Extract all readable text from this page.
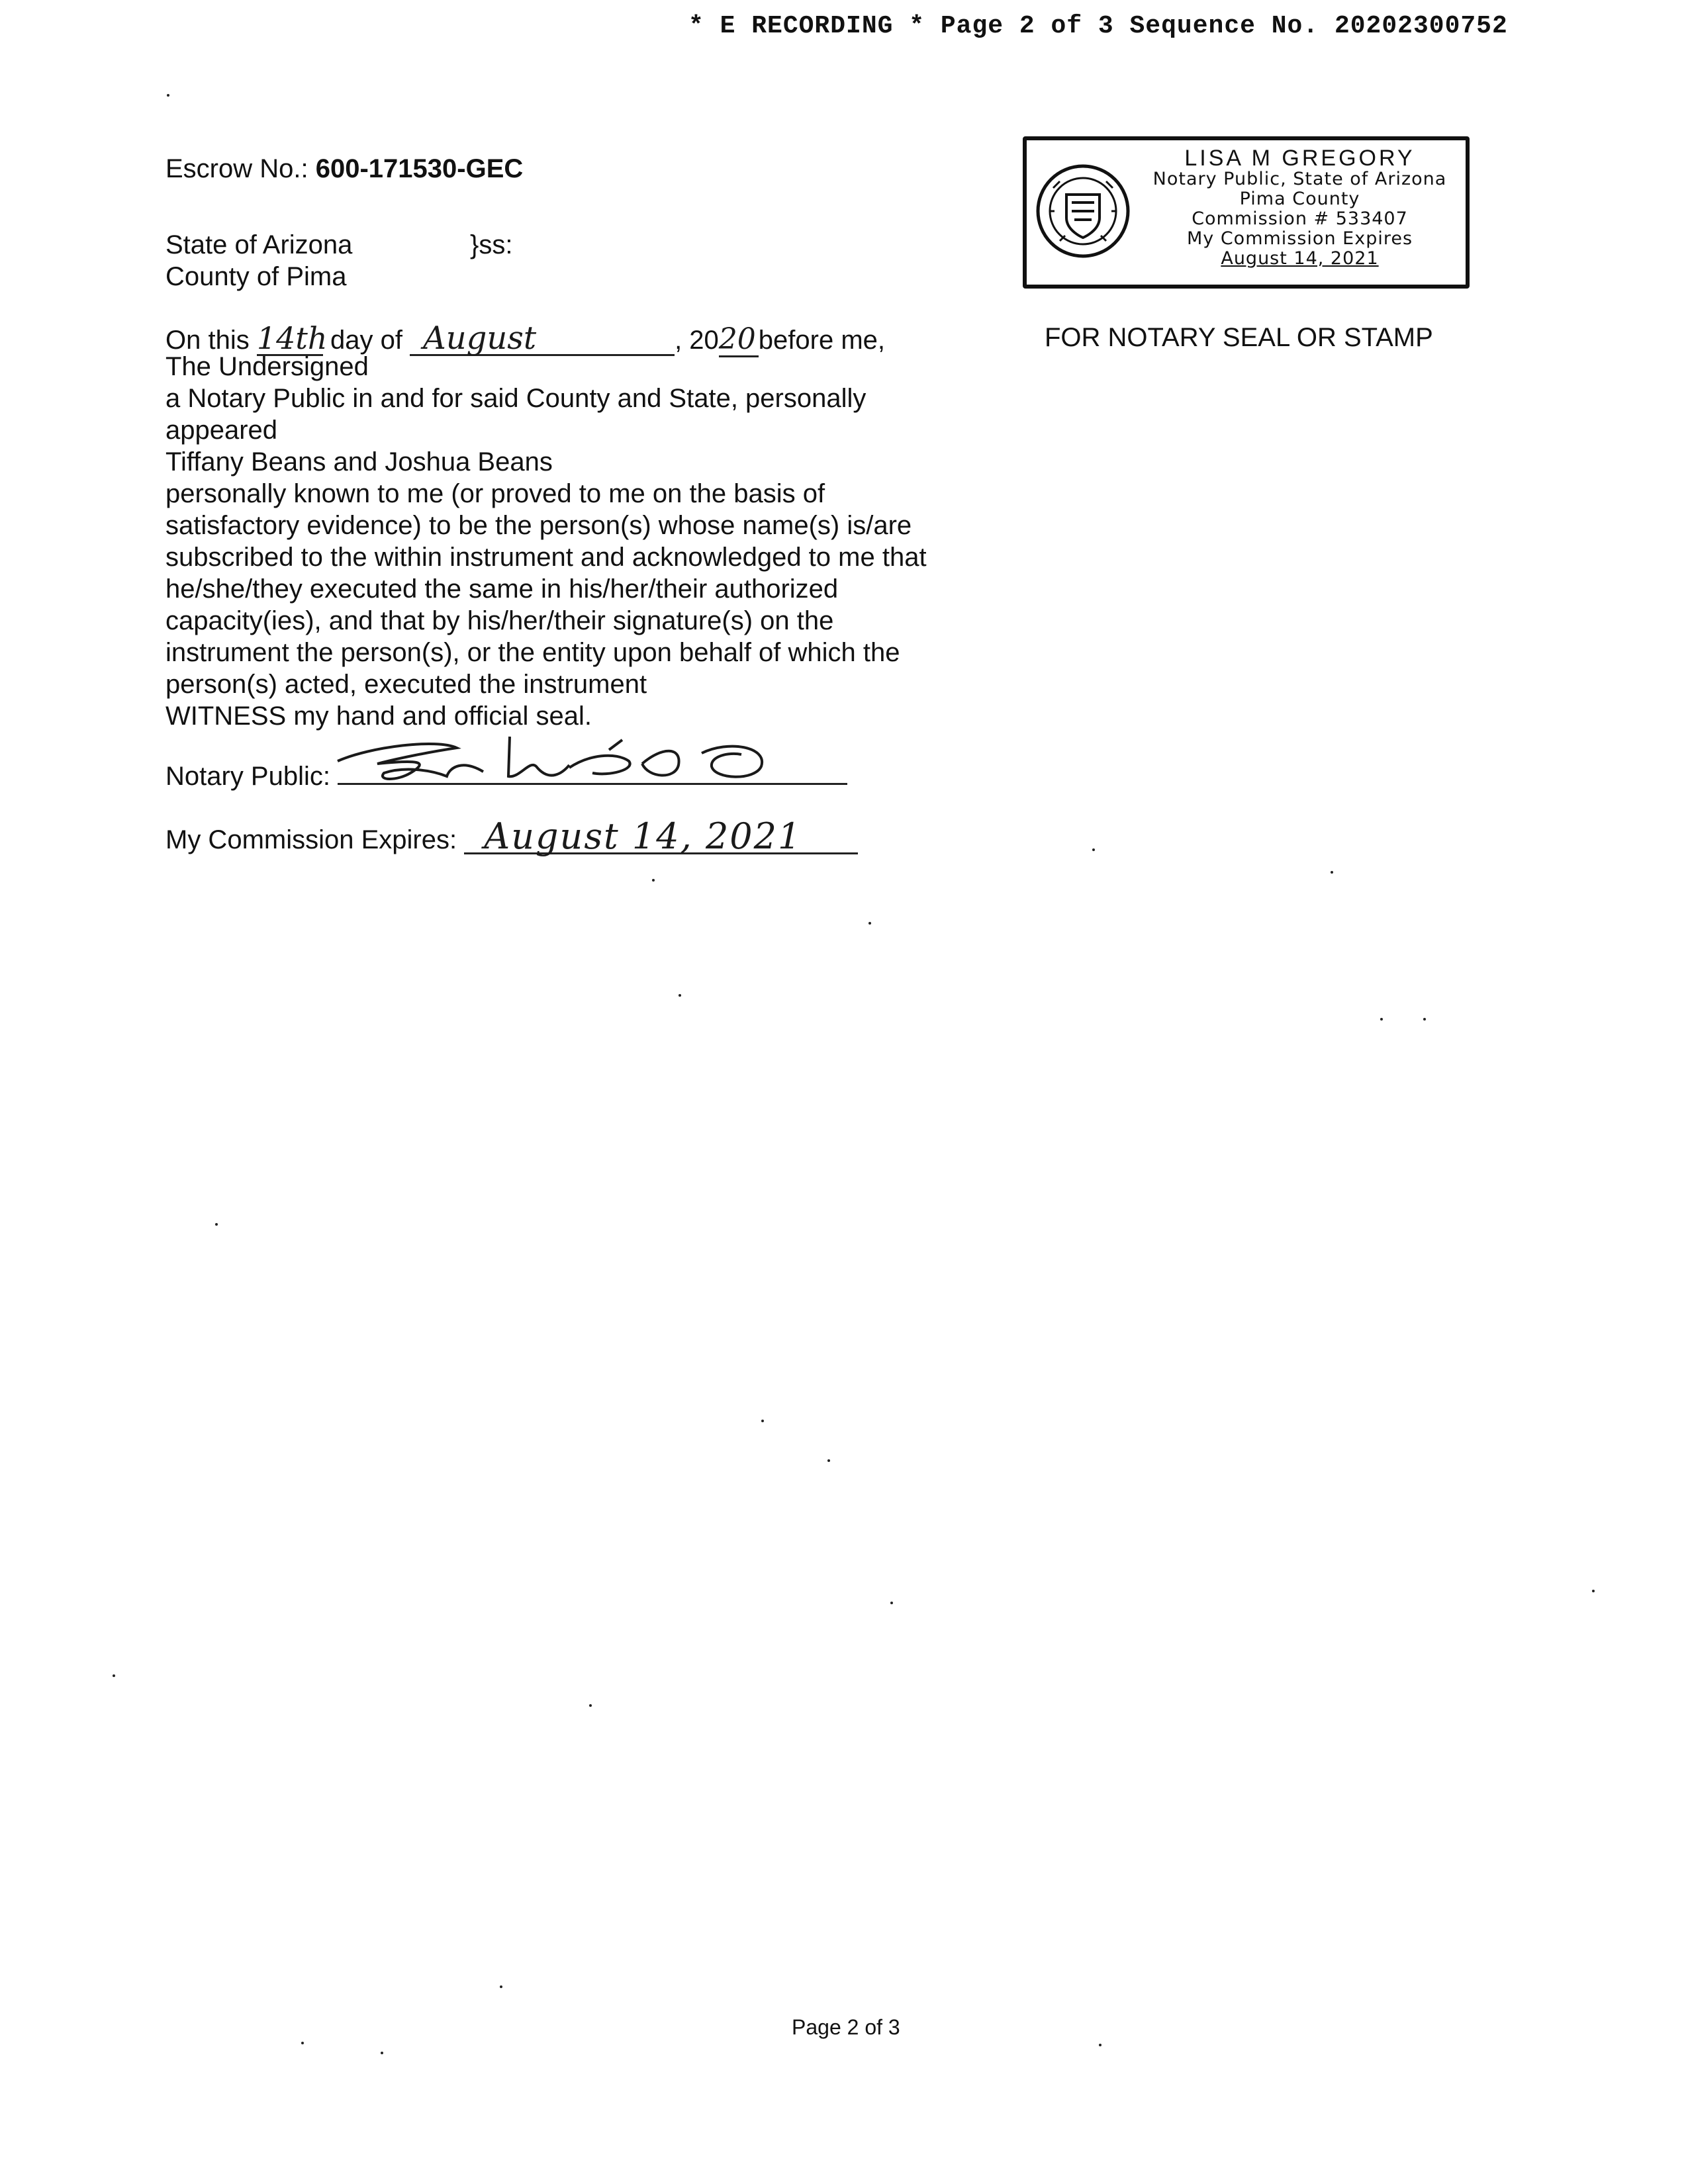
* E RECORDING * Page 2 of 3 Sequence No. 20202300752
Escrow No.: 600-171530-GEC
State of Arizona	}ss:
County of Pima
On this 14th day of August	, 2020 before me,
The Undersigned
a Notary Public in and for said County and State, personally
appeared
Tiffany Beans and Joshua Beans
personally known to me (or proved to me on the basis of
satisfactory evidence) to be the person(s) whose name(s) is/are
subscribed to the within instrument and acknowledged to me that
he/she/they executed the same in his/her/their authorized
capacity(ies), and that by his/her/their signature(s) on the
instrument the person(s), or the entity upon behalf of which the
person(s) acted, executed the instrument
WITNESS my hand and official seal.
Notary Public:
My Commission Expires: August 14, 2021
LISA M GREGORY
Notary Public, State of Arizona
Pima County
Commission # 533407
My Commission Expires
August 14, 2021
FOR NOTARY SEAL OR STAMP
Page 2 of 3
